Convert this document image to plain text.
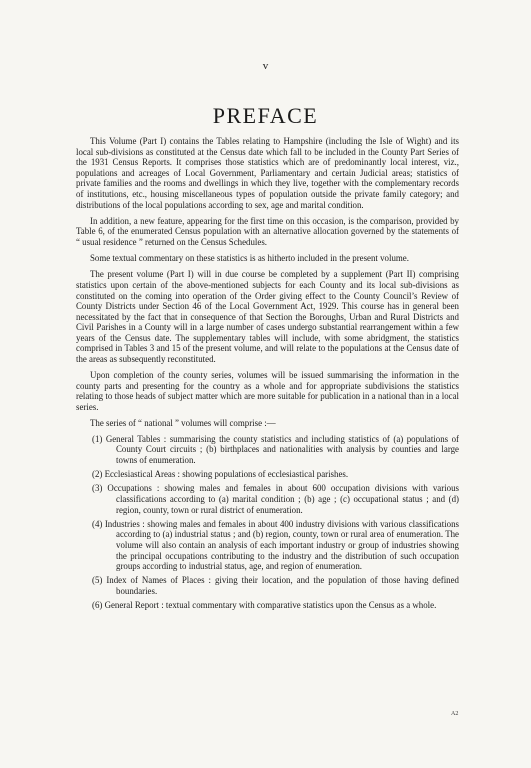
v
PREFACE

This Volume (Part I) contains the Tables relating to Hampshire (including the Isle of Wight) and its local sub-divisions as constituted at the Census date which fall to be included in the County Part Series of the 1931 Census Reports. It comprises those statistics which are of predominantly local interest, viz., populations and acreages of Local Government, Parliamentary and certain Judicial areas; statistics of private families and the rooms and dwellings in which they live, together with the complementary records of institutions, etc., housing miscellaneous types of population outside the private family category; and distributions of the local populations according to sex, age and marital condition.

In addition, a new feature, appearing for the first time on this occasion, is the comparison, provided by Table 6, of the enumerated Census population with an alternative allocation governed by the statements of “ usual residence ” returned on the Census Schedules.

Some textual commentary on these statistics is as hitherto included in the present volume.

The present volume (Part I) will in due course be completed by a supplement (Part II) comprising statistics upon certain of the above-mentioned subjects for each County and its local sub-divisions as constituted on the coming into operation of the Order giving effect to the County Council’s Review of County Districts under Section 46 of the Local Government Act, 1929. This course has in general been necessitated by the fact that in consequence of that Section the Boroughs, Urban and Rural Districts and Civil Parishes in a County will in a large number of cases undergo substantial rearrangement within a few years of the Census date. The supplementary tables will include, with some abridgment, the statistics comprised in Tables 3 and 15 of the present volume, and will relate to the populations at the Census date of the areas as subsequently reconstituted.

Upon completion of the county series, volumes will be issued summarising the information in the county parts and presenting for the country as a whole and for appropriate subdivisions the statistics relating to those heads of subject matter which are more suitable for publication in a national than in a local series.

The series of “ national ” volumes will comprise :—

(1) General Tables : summarising the county statistics and including statistics of (a) populations of County Court circuits ; (b) birthplaces and nationalities with analysis by counties and large towns of enumeration.
(2) Ecclesiastical Areas : showing populations of ecclesiastical parishes.
(3) Occupations : showing males and females in about 600 occupation divisions with various classifications according to (a) marital condition ; (b) age ; (c) occupational status ; and (d) region, county, town or rural district of enumeration.
(4) Industries : showing males and females in about 400 industry divisions with various classifications according to (a) industrial status ; and (b) region, county, town or rural area of enumeration. The volume will also contain an analysis of each important industry or group of industries showing the principal occupations contributing to the industry and the distribution of such occupation groups according to industrial status, age, and region of enumeration.
(5) Index of Names of Places : giving their location, and the population of those having defined boundaries.
(6) General Report : textual commentary with comparative statistics upon the Census as a whole.
A2
